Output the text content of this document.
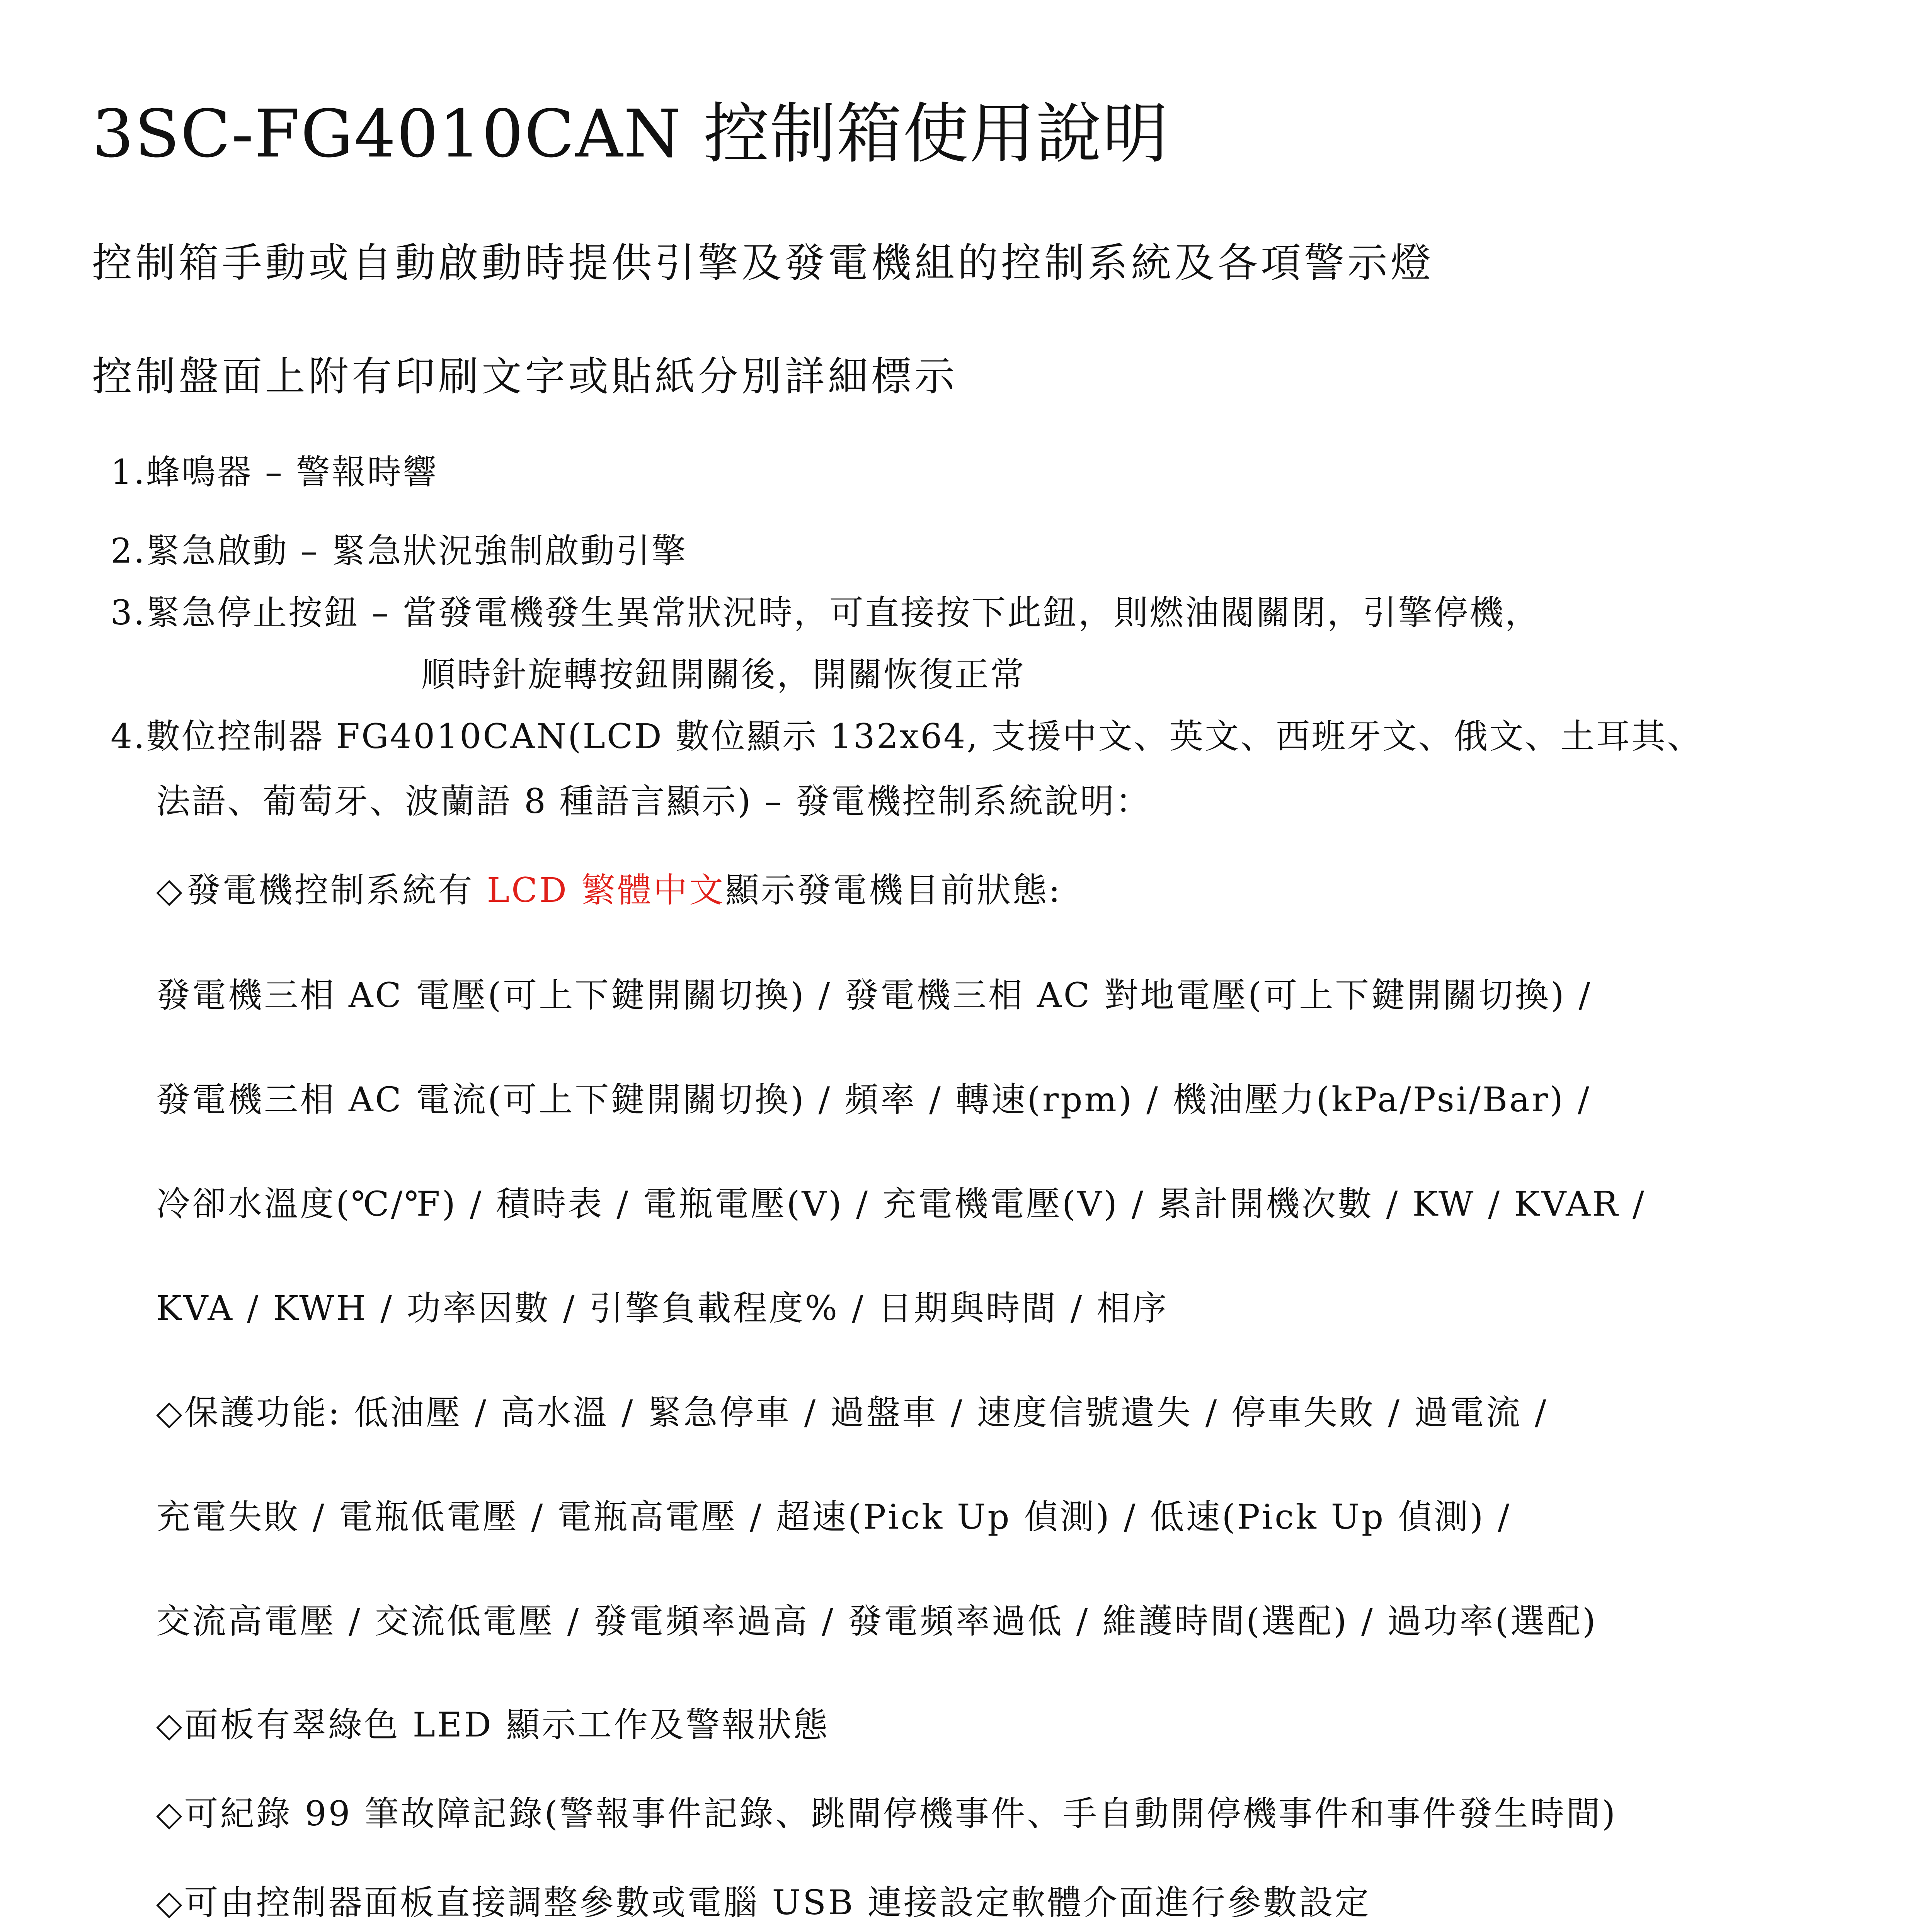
3SC-FG4010CAN 控制箱使用說明
控制箱手動或自動啟動時提供引擎及發電機組的控制系統及各項警示燈
控制盤面上附有印刷文字或貼紙分別詳細標示
1.蜂鳴器 – 警報時響
2.緊急啟動 – 緊急狀況強制啟動引擎
3.緊急停止按鈕 – 當發電機發生異常狀況時，可直接按下此鈕，則燃油閥關閉，引擎停機，
順時針旋轉按鈕開關後，開關恢復正常
4.數位控制器 FG4010CAN(LCD 數位顯示 132x64, 支援中文、英文、西班牙文、俄文、土耳其、
法語、葡萄牙、波蘭語 8 種語言顯示) – 發電機控制系統說明：
◇發電機控制系統有 LCD 繁體中文顯示發電機目前狀態:
發電機三相 AC 電壓(可上下鍵開關切換) / 發電機三相 AC 對地電壓(可上下鍵開關切換) /
發電機三相 AC 電流(可上下鍵開關切換) / 頻率 / 轉速(rpm) / 機油壓力(kPa/Psi/Bar) /
冷卻水溫度(℃/℉) / 積時表 / 電瓶電壓(V) / 充電機電壓(V) / 累計開機次數 / KW / KVAR /
KVA / KWH / 功率因數 / 引擎負載程度% / 日期與時間 / 相序
◇保護功能: 低油壓 / 高水溫 / 緊急停車 / 過盤車 / 速度信號遺失 / 停車失敗 / 過電流 /
充電失敗 / 電瓶低電壓 / 電瓶高電壓 / 超速(Pick Up 偵測) / 低速(Pick Up 偵測) /
交流高電壓 / 交流低電壓 / 發電頻率過高 / 發電頻率過低 / 維護時間(選配) / 過功率(選配)
◇面板有翠綠色 LED 顯示工作及警報狀態
◇可紀錄 99 筆故障記錄(警報事件記錄、跳閘停機事件、手自動開停機事件和事件發生時間)
◇可由控制器面板直接調整參數或電腦 USB 連接設定軟體介面進行參數設定
